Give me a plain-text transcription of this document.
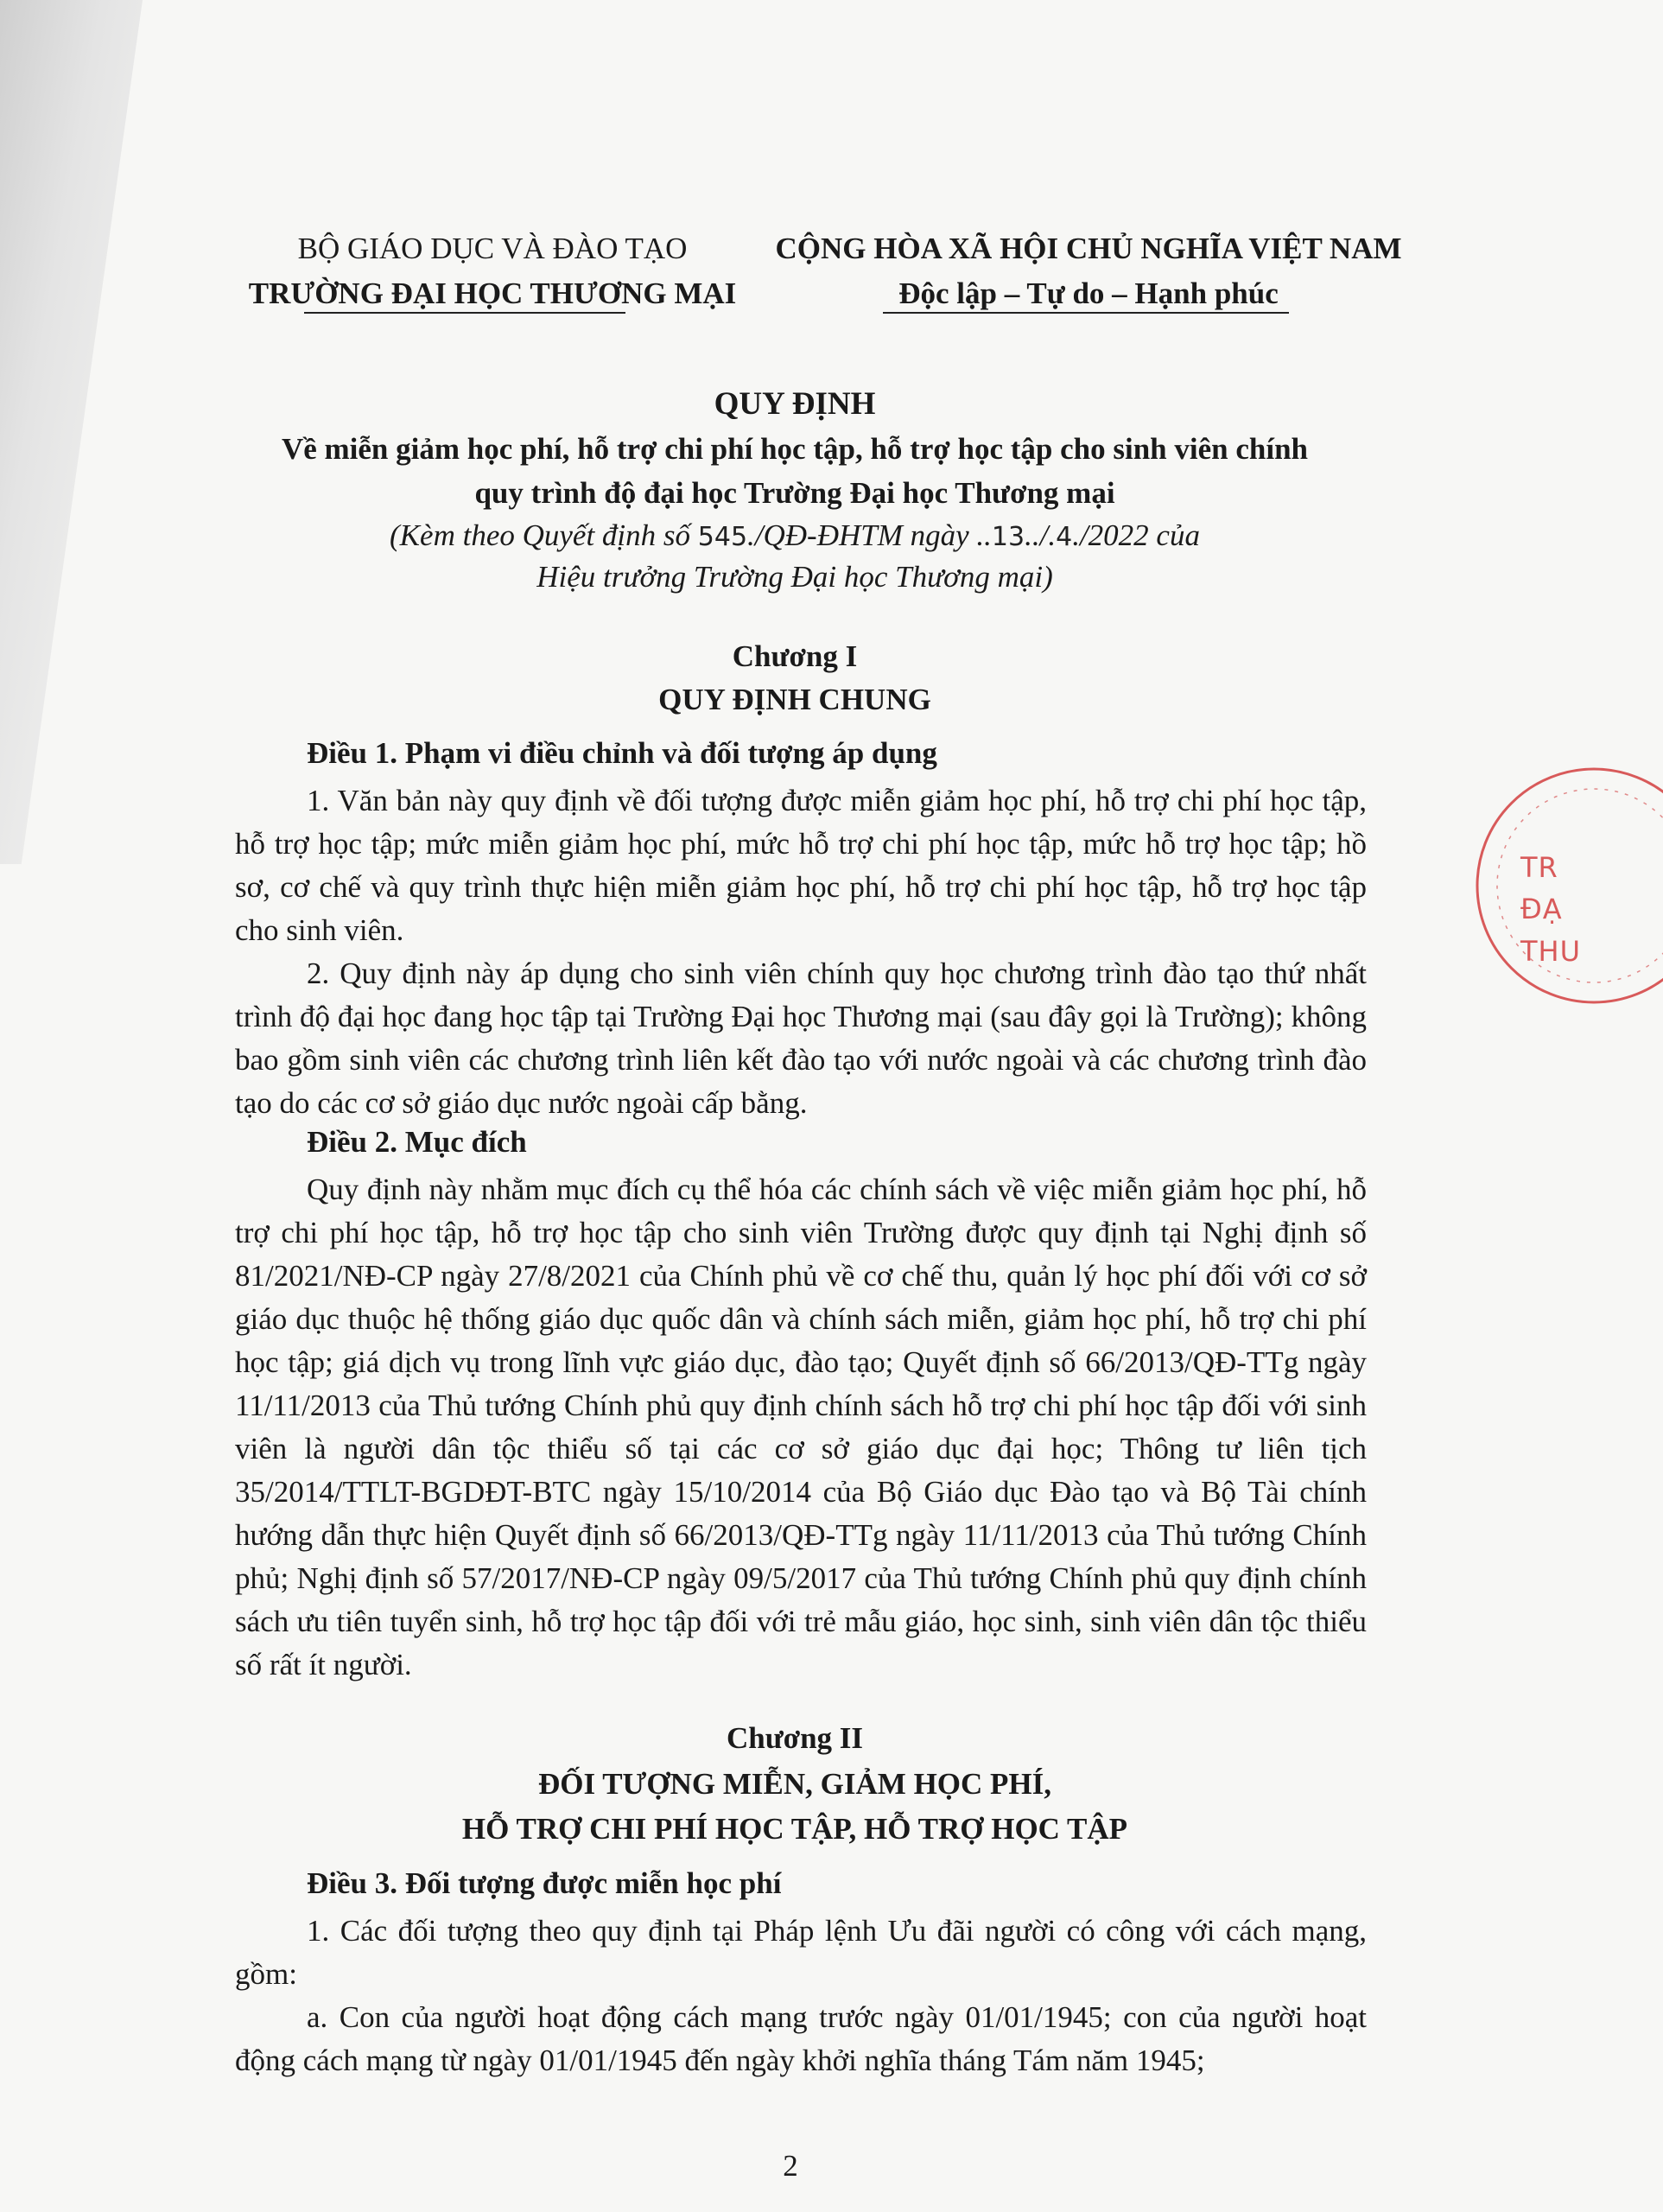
BỘ GIÁO DỤC VÀ ĐÀO TẠO
TRƯỜNG ĐẠI HỌC THƯƠNG MẠI
CỘNG HÒA XÃ HỘI CHỦ NGHĨA VIỆT NAM
Độc lập – Tự do – Hạnh phúc
QUY ĐỊNH
Về miễn giảm học phí, hỗ trợ chi phí học tập, hỗ trợ học tập cho sinh viên chính
quy trình độ đại học Trường Đại học Thương mại
(Kèm theo Quyết định số 545./QĐ-ĐHTM ngày ..13../.4./2022 của
Hiệu trưởng Trường Đại học Thương mại)
Chương I
QUY ĐỊNH CHUNG
Điều 1. Phạm vi điều chỉnh và đối tượng áp dụng
1. Văn bản này quy định về đối tượng được miễn giảm học phí, hỗ trợ chi phí học tập, hỗ trợ học tập; mức miễn giảm học phí, mức hỗ trợ chi phí học tập, mức hỗ trợ học tập; hồ sơ, cơ chế và quy trình thực hiện miễn giảm học phí, hỗ trợ chi phí học tập, hỗ trợ học tập cho sinh viên.
2. Quy định này áp dụng cho sinh viên chính quy học chương trình đào tạo thứ nhất trình độ đại học đang học tập tại Trường Đại học Thương mại (sau đây gọi là Trường); không bao gồm sinh viên các chương trình liên kết đào tạo với nước ngoài và các chương trình đào tạo do các cơ sở giáo dục nước ngoài cấp bằng.
Điều 2. Mục đích
Quy định này nhằm mục đích cụ thể hóa các chính sách về việc miễn giảm học phí, hỗ trợ chi phí học tập, hỗ trợ học tập cho sinh viên Trường được quy định tại Nghị định số 81/2021/NĐ-CP ngày 27/8/2021 của Chính phủ về cơ chế thu, quản lý học phí đối với cơ sở giáo dục thuộc hệ thống giáo dục quốc dân và chính sách miễn, giảm học phí, hỗ trợ chi phí học tập; giá dịch vụ trong lĩnh vực giáo dục, đào tạo; Quyết định số 66/2013/QĐ-TTg ngày 11/11/2013 của Thủ tướng Chính phủ quy định chính sách hỗ trợ chi phí học tập đối với sinh viên là người dân tộc thiểu số tại các cơ sở giáo dục đại học; Thông tư liên tịch 35/2014/TTLT-BGDĐT-BTC ngày 15/10/2014 của Bộ Giáo dục Đào tạo và Bộ Tài chính hướng dẫn thực hiện Quyết định số 66/2013/QĐ-TTg ngày 11/11/2013 của Thủ tướng Chính phủ; Nghị định số 57/2017/NĐ-CP ngày 09/5/2017 của Thủ tướng Chính phủ quy định chính sách ưu tiên tuyển sinh, hỗ trợ học tập đối với trẻ mẫu giáo, học sinh, sinh viên dân tộc thiểu số rất ít người.
Chương II
ĐỐI TƯỢNG MIỄN, GIẢM HỌC PHÍ,
HỖ TRỢ CHI PHÍ HỌC TẬP, HỖ TRỢ HỌC TẬP
Điều 3. Đối tượng được miễn học phí
1. Các đối tượng theo quy định tại Pháp lệnh Ưu đãi người có công với cách mạng, gồm:
a. Con của người hoạt động cách mạng trước ngày 01/01/1945; con của người hoạt động cách mạng từ ngày 01/01/1945 đến ngày khởi nghĩa tháng Tám năm 1945;
2
TR
ĐẠ
THU
